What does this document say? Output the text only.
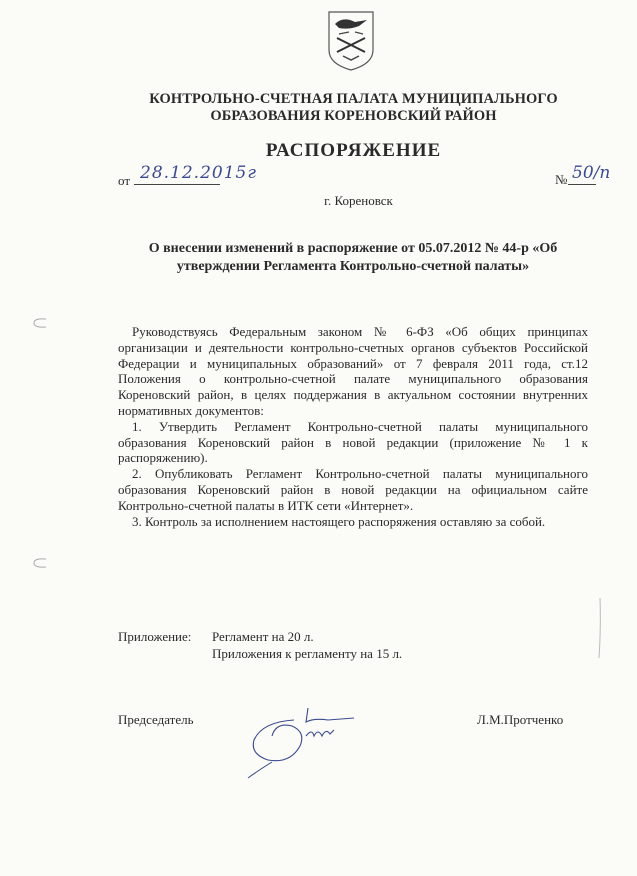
КОНТРОЛЬНО-СЧЕТНАЯ ПАЛАТА МУНИЦИПАЛЬНОГО
ОБРАЗОВАНИЯ КОРЕНОВСКИЙ РАЙОН
РАСПОРЯЖЕНИЕ
от 28.12.2015г	№ 50/п
г. Кореновск
О внесении изменений в распоряжение от 05.07.2012 № 44-р «Об
утверждении Регламента Контрольно-счетной палаты»

Руководствуясь Федеральным законом № 6-ФЗ «Об общих принципах организации и деятельности контрольно-счетных органов субъектов Российской Федерации и муниципальных образований» от 7 февраля 2011 года, ст.12 Положения о контрольно-счетной палате муниципального образования Кореновский район, в целях поддержания в актуальном состоянии внутренних нормативных документов:

1. Утвердить Регламент Контрольно-счетной палаты муниципального образования Кореновский район в новой редакции (приложение № 1 к распоряжению).

2. Опубликовать Регламент Контрольно-счетной палаты муниципального образования Кореновский район в новой редакции на официальном сайте Контрольно-счетной палаты в ИТК сети «Интернет».

3. Контроль за исполнением настоящего распоряжения оставляю за собой.

Приложение: Регламент на 20 л.
Приложения к регламенту на 15 л.
Председатель	Л.М.Протченко
